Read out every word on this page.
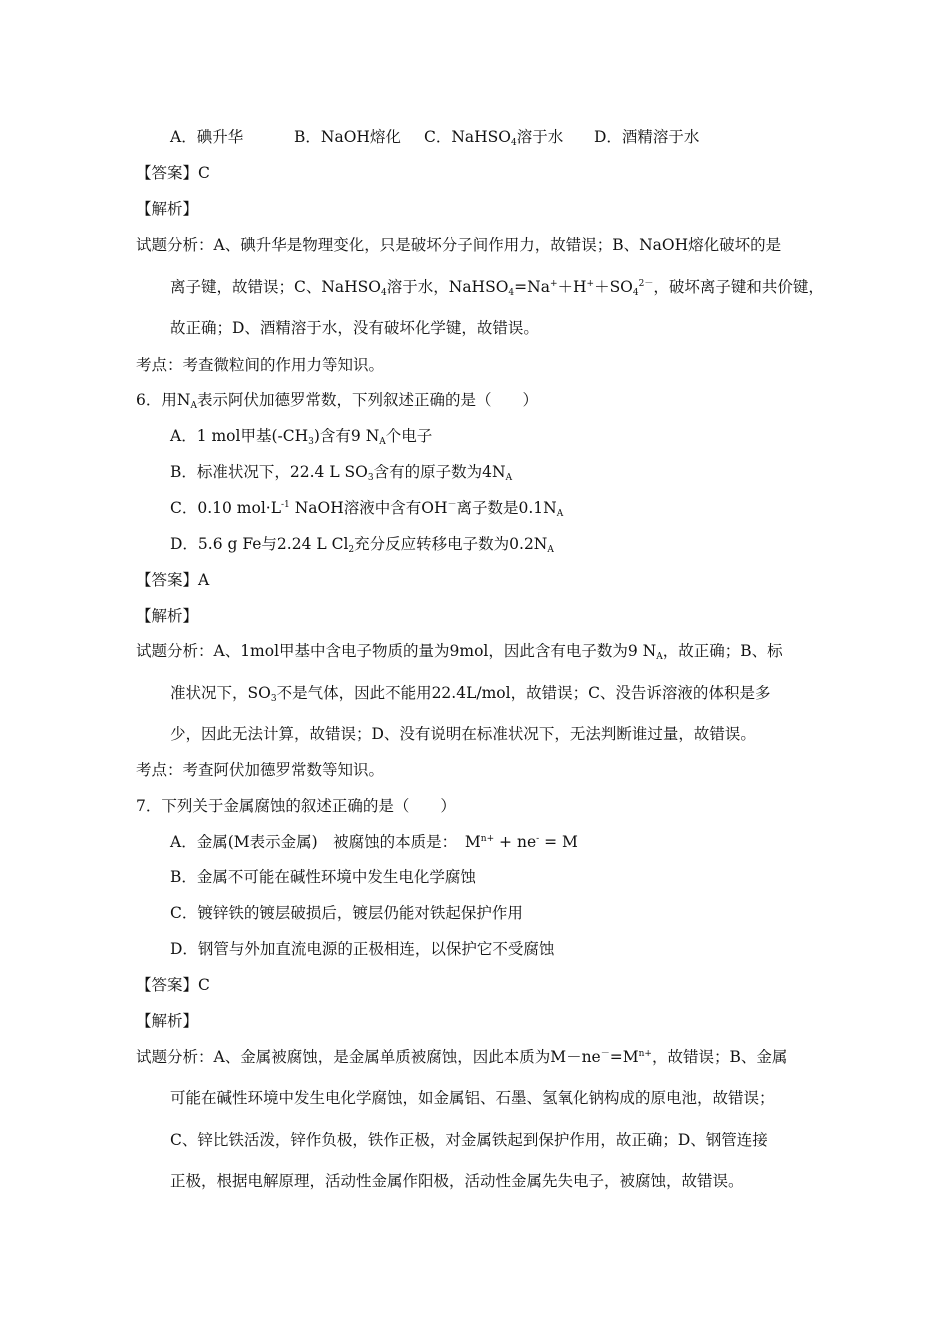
A．碘升华	B．NaOH熔化 C．NaHSO$_4$溶于水 D．酒精溶于水
【答案】C
【解析】
试题分析：A、碘升华是物理变化，只是破坏分子间作用力，故错误；B、NaOH熔化破坏的是
离子键，故错误；C、NaHSO$_4$溶于水，$NaHSO_4=Na^++H^++SO_4^{2-}$，破坏离子键和共价键，
故正确；D、酒精溶于水，没有破坏化学键，故错误。
考点：考查微粒间的作用力等知识。
6．用$N_A$表示阿伏加德罗常数，下列叙述正确的是（　　）
A．1 mol甲基$(-CH_3)$含有9 $N_A$个电子
B．标准状况下，22.4 L $SO_3$含有的原子数为$4N_A$
C．0.10 $mol\cdot L^{-1}$ NaOH溶液中含有OH－离子数是$0.1N_A$
D．5.6 g Fe与2.24 L $Cl_2$充分反应转移电子数为$0.2N_A$
【答案】A
【解析】
试题分析：A、1mol甲基中含电子物质的量为9mol，因此含有电子数为9 $N_A$，故正确；B、标
准状况下，$SO_3$不是气体，因此不能用22.4L/mol，故错误；C、没告诉溶液的体积是多
少，因此无法计算，故错误；D、没有说明在标准状况下，无法判断谁过量，故错误。
考点：考查阿伏加德罗常数等知识。
7．下列关于金属腐蚀的叙述正确的是（　　）
A．金属(M表示金属)　被腐蚀的本质是：　$M^{n+} + ne^- = M$
B．金属不可能在碱性环境中发生电化学腐蚀
C．镀锌铁的镀层破损后，镀层仍能对铁起保护作用
D．钢管与外加直流电源的正极相连，以保护它不受腐蚀
【答案】C
【解析】
试题分析：A、金属被腐蚀，是金属单质被腐蚀，因此本质为$M-ne^-=M^{n+}$，故错误；B、金属
可能在碱性环境中发生电化学腐蚀，如金属铝、石墨、氢氧化钠构成的原电池，故错误；
C、锌比铁活泼，锌作负极，铁作正极，对金属铁起到保护作用，故正确；D、钢管连接
正极，根据电解原理，活动性金属作阳极，活动性金属先失电子，被腐蚀，故错误。
